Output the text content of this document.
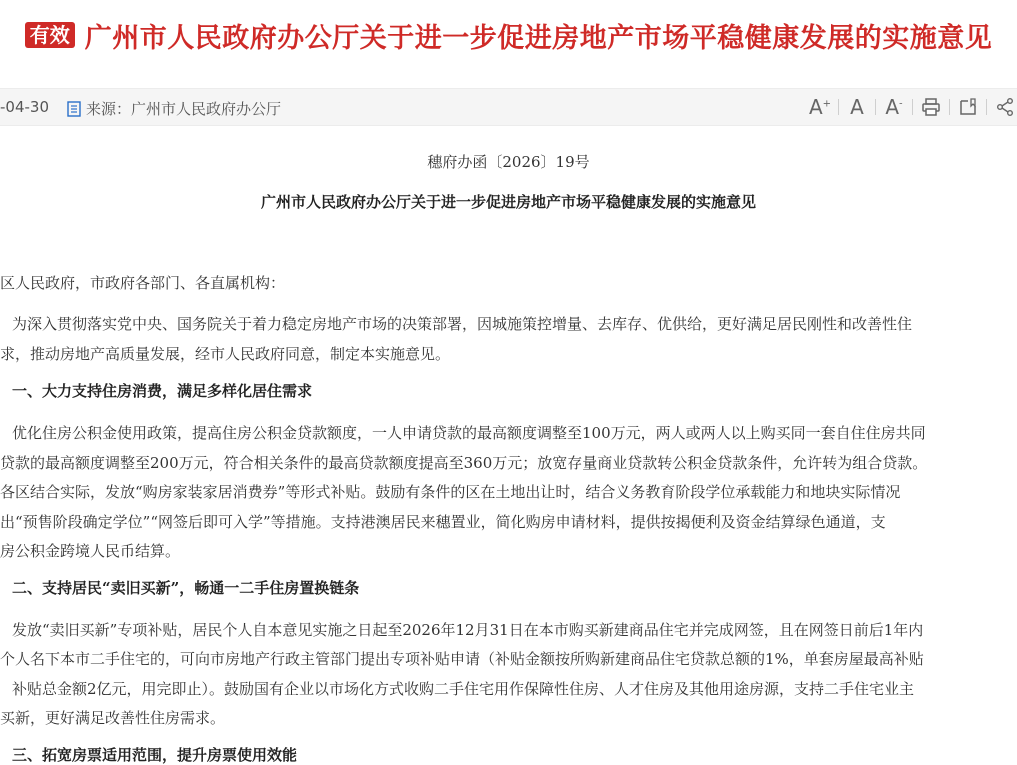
有效 广州市人民政府办公厅关于进一步促进房地产市场平稳健康发展的实施意见
-04-30 来源：广州市人民政府办公厅	A+ A A-
穗府办函〔2026〕19号
广州市人民政府办公厅关于进一步促进房地产市场平稳健康发展的实施意见
区人民政府，市政府各部门、各直属机构：
为深入贯彻落实党中央、国务院关于着力稳定房地产市场的决策部署，因城施策控增量、去库存、优供给，更好满足居民刚性和改善性住
求，推动房地产高质量发展，经市人民政府同意，制定本实施意见。
一、大力支持住房消费，满足多样化居住需求
优化住房公积金使用政策，提高住房公积金贷款额度，一人申请贷款的最高额度调整至100万元，两人或两人以上购买同一套自住住房共同
贷款的最高额度调整至200万元，符合相关条件的最高贷款额度提高至360万元；放宽存量商业贷款转公积金贷款条件，允许转为组合贷款。
各区结合实际，发放“购房家装家居消费券”等形式补贴。鼓励有条件的区在土地出让时，结合义务教育阶段学位承载能力和地块实际情况
出“预售阶段确定学位”“网签后即可入学”等措施。支持港澳居民来穗置业，简化购房申请材料，提供按揭便利及资金结算绿色通道，支
房公积金跨境人民币结算。
二、支持居民“卖旧买新”，畅通一二手住房置换链条
发放“卖旧买新”专项补贴，居民个人自本意见实施之日起至2026年12月31日在本市购买新建商品住宅并完成网签，且在网签日前后1年内
个人名下本市二手住宅的，可向市房地产行政主管部门提出专项补贴申请（补贴金额按所购新建商品住宅贷款总额的1%，单套房屋最高补贴
补贴总金额2亿元，用完即止）。鼓励国有企业以市场化方式收购二手住宅用作保障性住房、人才住房及其他用途房源，支持二手住宅业主
买新，更好满足改善性住房需求。
三、拓宽房票适用范围，提升房票使用效能
